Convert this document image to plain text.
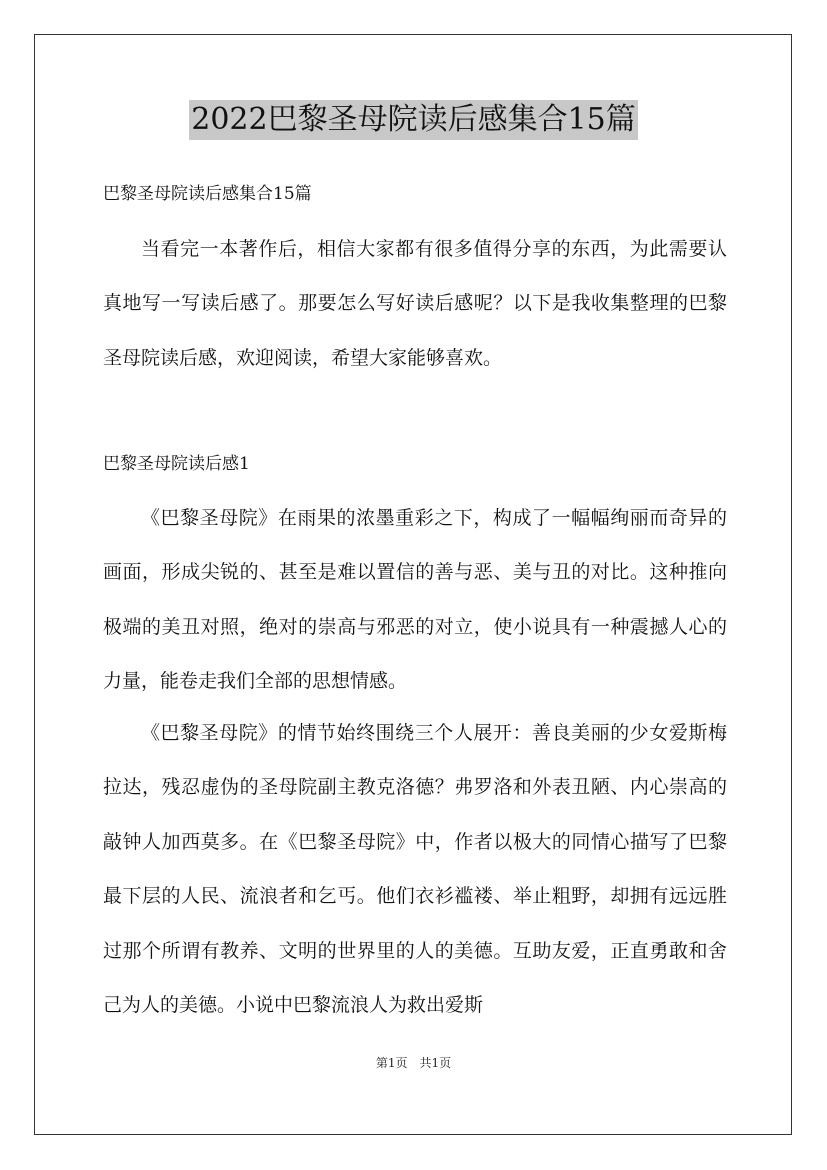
2022巴黎圣母院读后感集合15篇
巴黎圣母院读后感集合15篇

当看完一本著作后，相信大家都有很多值得分享的东西，为此需要认真地写一写读后感了。那要怎么写好读后感呢？以下是我收集整理的巴黎圣母院读后感，欢迎阅读，希望大家能够喜欢。

巴黎圣母院读后感1

《巴黎圣母院》在雨果的浓墨重彩之下，构成了一幅幅绚丽而奇异的画面，形成尖锐的、甚至是难以置信的善与恶、美与丑的对比。这种推向极端的美丑对照，绝对的崇高与邪恶的对立，使小说具有一种震撼人心的力量，能卷走我们全部的思想情感。

《巴黎圣母院》的情节始终围绕三个人展开：善良美丽的少女爱斯梅拉达，残忍虚伪的圣母院副主教克洛德？弗罗洛和外表丑陋、内心崇高的敲钟人加西莫多。在《巴黎圣母院》中，作者以极大的同情心描写了巴黎最下层的人民、流浪者和乞丐。他们衣衫褴褛、举止粗野，却拥有远远胜过那个所谓有教养、文明的世界里的人的美德。互助友爱，正直勇敢和舍己为人的美德。小说中巴黎流浪人为救出爱斯

第1页　共1页
